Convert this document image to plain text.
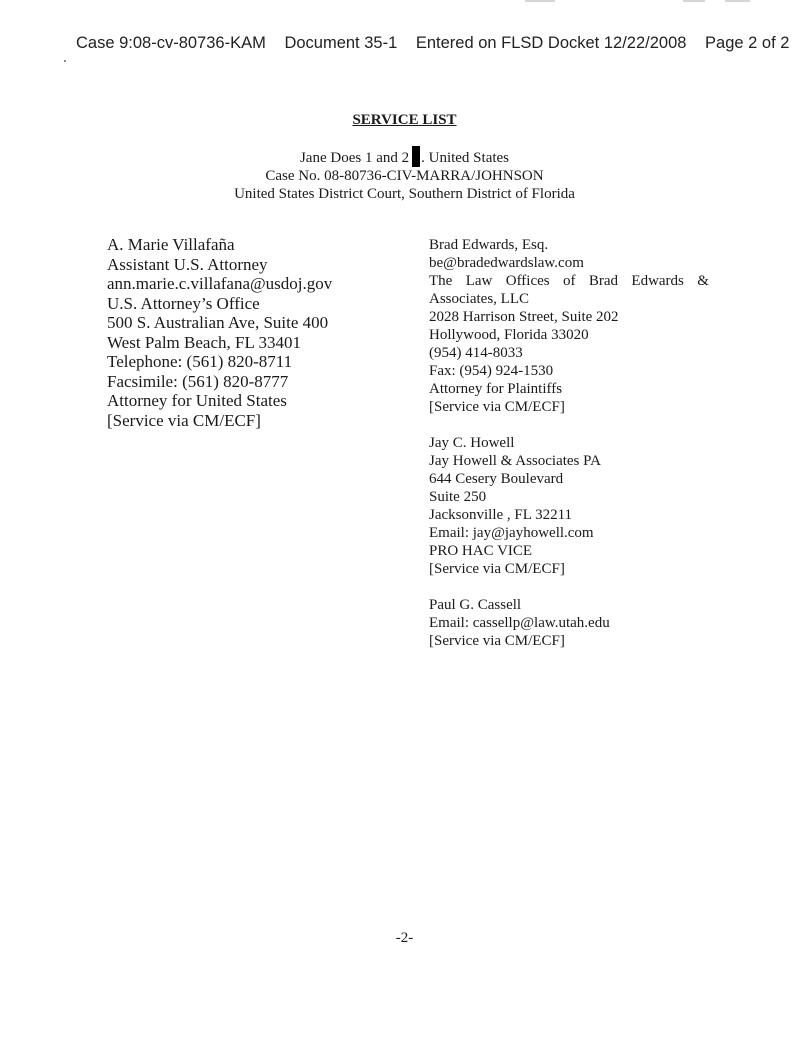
Case 9:08-cv-80736-KAM Document 35-1 Entered on FLSD Docket 12/22/2008 Page 2 of 2
SERVICE LIST
Jane Does 1 and 2 . United States
Case No. 08-80736-CIV-MARRA/JOHNSON
United States District Court, Southern District of Florida
A. Marie Villafaña
Assistant U.S. Attorney
ann.marie.c.villafana@usdoj.gov
U.S. Attorney’s Office
500 S. Australian Ave, Suite 400
West Palm Beach, FL 33401
Telephone: (561) 820-8711
Facsimile: (561) 820-8777
Attorney for United States
[Service via CM/ECF]
Brad Edwards, Esq.
be@bradedwardslaw.com
The Law Offices of Brad Edwards &
Associates, LLC
2028 Harrison Street, Suite 202
Hollywood, Florida 33020
(954) 414-8033
Fax: (954) 924-1530
Attorney for Plaintiffs
[Service via CM/ECF]
Jay C. Howell
Jay Howell & Associates PA
644 Cesery Boulevard
Suite 250
Jacksonville , FL 32211
Email: jay@jayhowell.com
PRO HAC VICE
[Service via CM/ECF]
Paul G. Cassell
Email: cassellp@law.utah.edu
[Service via CM/ECF]
-2-
